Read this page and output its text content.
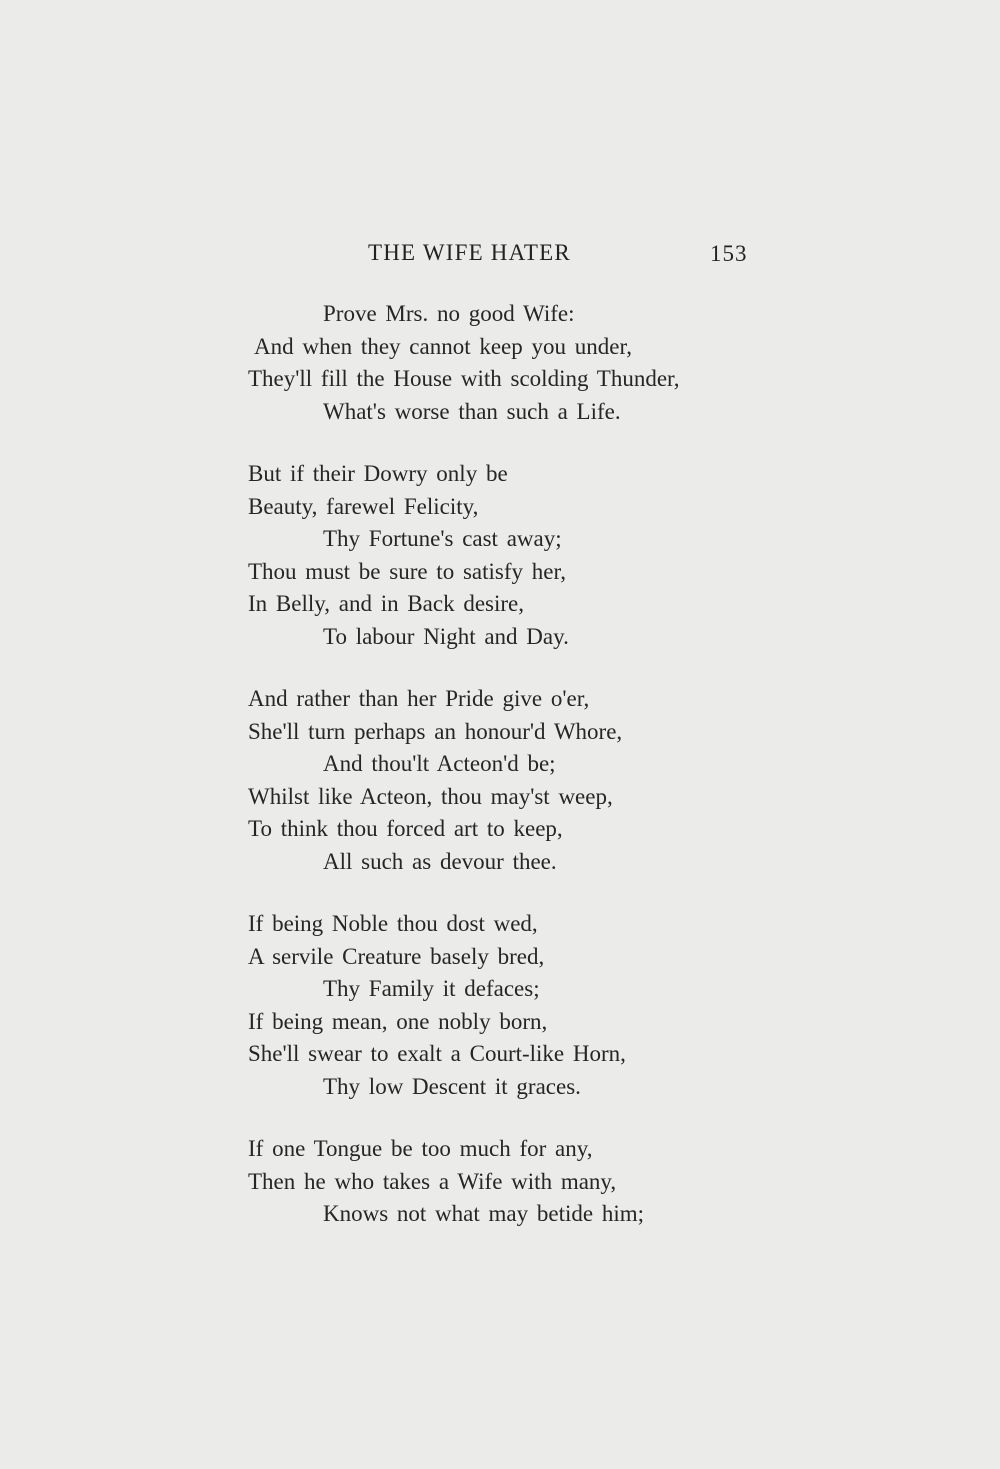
THE WIFE HATER	153
Prove Mrs. no good Wife:
And when they cannot keep you under,
They'll fill the House with scolding Thunder,
What's worse than such a Life.
But if their Dowry only be
Beauty, farewel Felicity,
Thy Fortune's cast away;
Thou must be sure to satisfy her,
In Belly, and in Back desire,
To labour Night and Day.
And rather than her Pride give o'er,
She'll turn perhaps an honour'd Whore,
And thou'lt Acteon'd be;
Whilst like Acteon, thou may'st weep,
To think thou forced art to keep,
All such as devour thee.
If being Noble thou dost wed,
A servile Creature basely bred,
Thy Family it defaces;
If being mean, one nobly born,
She'll swear to exalt a Court-like Horn,
Thy low Descent it graces.
If one Tongue be too much for any,
Then he who takes a Wife with many,
Knows not what may betide him;
